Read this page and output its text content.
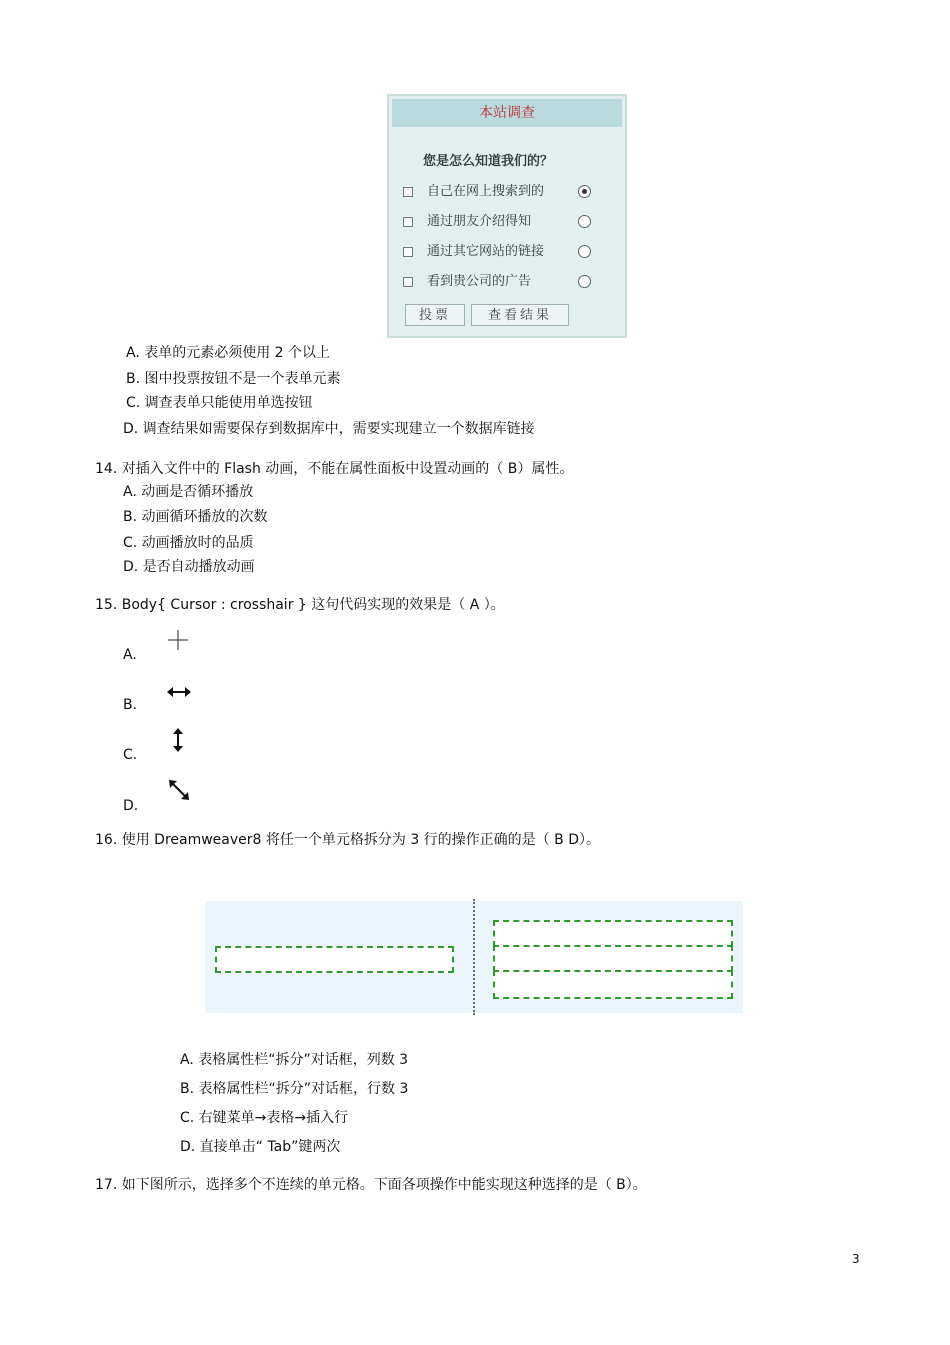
本站调查
您是怎么知道我们的？
自己在网上搜索到的
通过朋友介绍得知
通过其它网站的链接
看到贵公司的广告
投票	查看结果
A. 表单的元素必须使用 2 个以上
B. 图中投票按钮不是一个表单元素
C. 调查表单只能使用单选按钮
D. 调查结果如需要保存到数据库中，需要实现建立一个数据库链接
14. 对插入文件中的 Flash 动画，不能在属性面板中设置动画的（ B）属性。
A. 动画是否循环播放
B. 动画循环播放的次数
C. 动画播放时的品质
D. 是否自动播放动画
15. Body{ Cursor : crosshair } 这句代码实现的效果是（ A ）。
A.
B.
C.
D.
16. 使用 Dreamweaver8 将任一个单元格拆分为 3 行的操作正确的是（ B D）。
A. 表格属性栏“拆分”对话框，列数 3
B. 表格属性栏“拆分”对话框，行数 3
C. 右键菜单→表格→插入行
D. 直接单击“ Tab”键两次
17. 如下图所示，选择多个不连续的单元格。下面各项操作中能实现这种选择的是（ B）。
3
